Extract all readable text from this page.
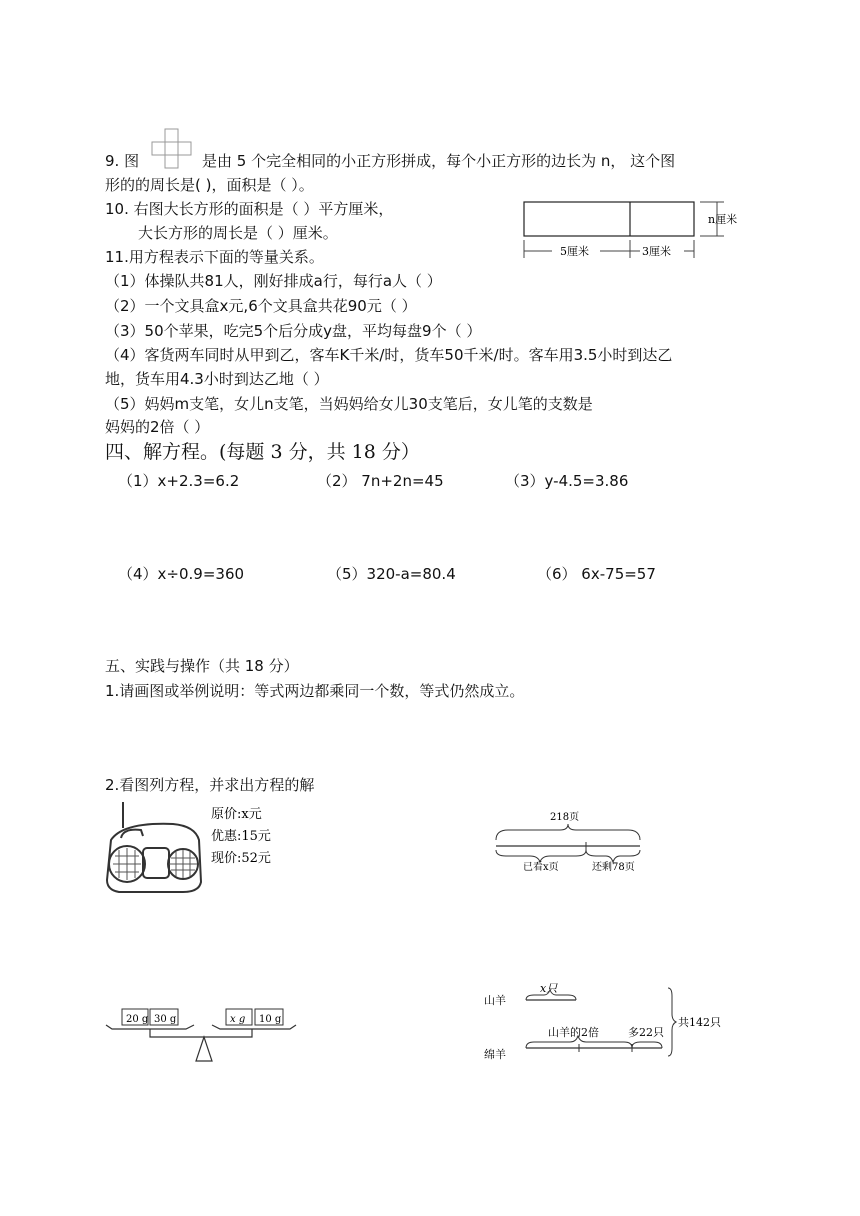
9. 图	是由 5 个完全相同的小正方形拼成，每个小正方形的边长为 n， 这个图
形的的周长是( )，面积是（ ）。
10. 右图大长方形的面积是（ ）平方厘米，
大长方形的周长是（ ）厘米。
n厘米
5厘米	3厘米
11.用方程表示下面的等量关系。
（1）体操队共81人，刚好排成a行，每行a人（ ）
（2）一个文具盒x元,6个文具盒共花90元（ ）
（3）50个苹果，吃完5个后分成y盘，平均每盘9个（ ）
（4）客货两车同时从甲到乙，客车K千米/时，货车50千米/时。客车用3.5小时到达乙
地，货车用4.3小时到达乙地（ ）
（5）妈妈m支笔，女儿n支笔，当妈妈给女儿30支笔后，女儿笔的支数是
妈妈的2倍（ ）
四、解方程。(每题 3 分，共 18 分）
（1）x+2.3=6.2	（2） 7n+2n=45	（3）y-4.5=3.86
（4）x÷0.9=360	（5）320-a=80.4	（6） 6x-75=57
五、实践与操作（共 18 分）
1.请画图或举例说明：等式两边都乘同一个数，等式仍然成立。
2.看图列方程，并求出方程的解
原价:x元
优惠:15元
现价:52元
218页
已看x页	还剩78页
20 g 30 g	x g 10 g
山羊
x只
绵羊
山羊的2倍	多22只
共142只
